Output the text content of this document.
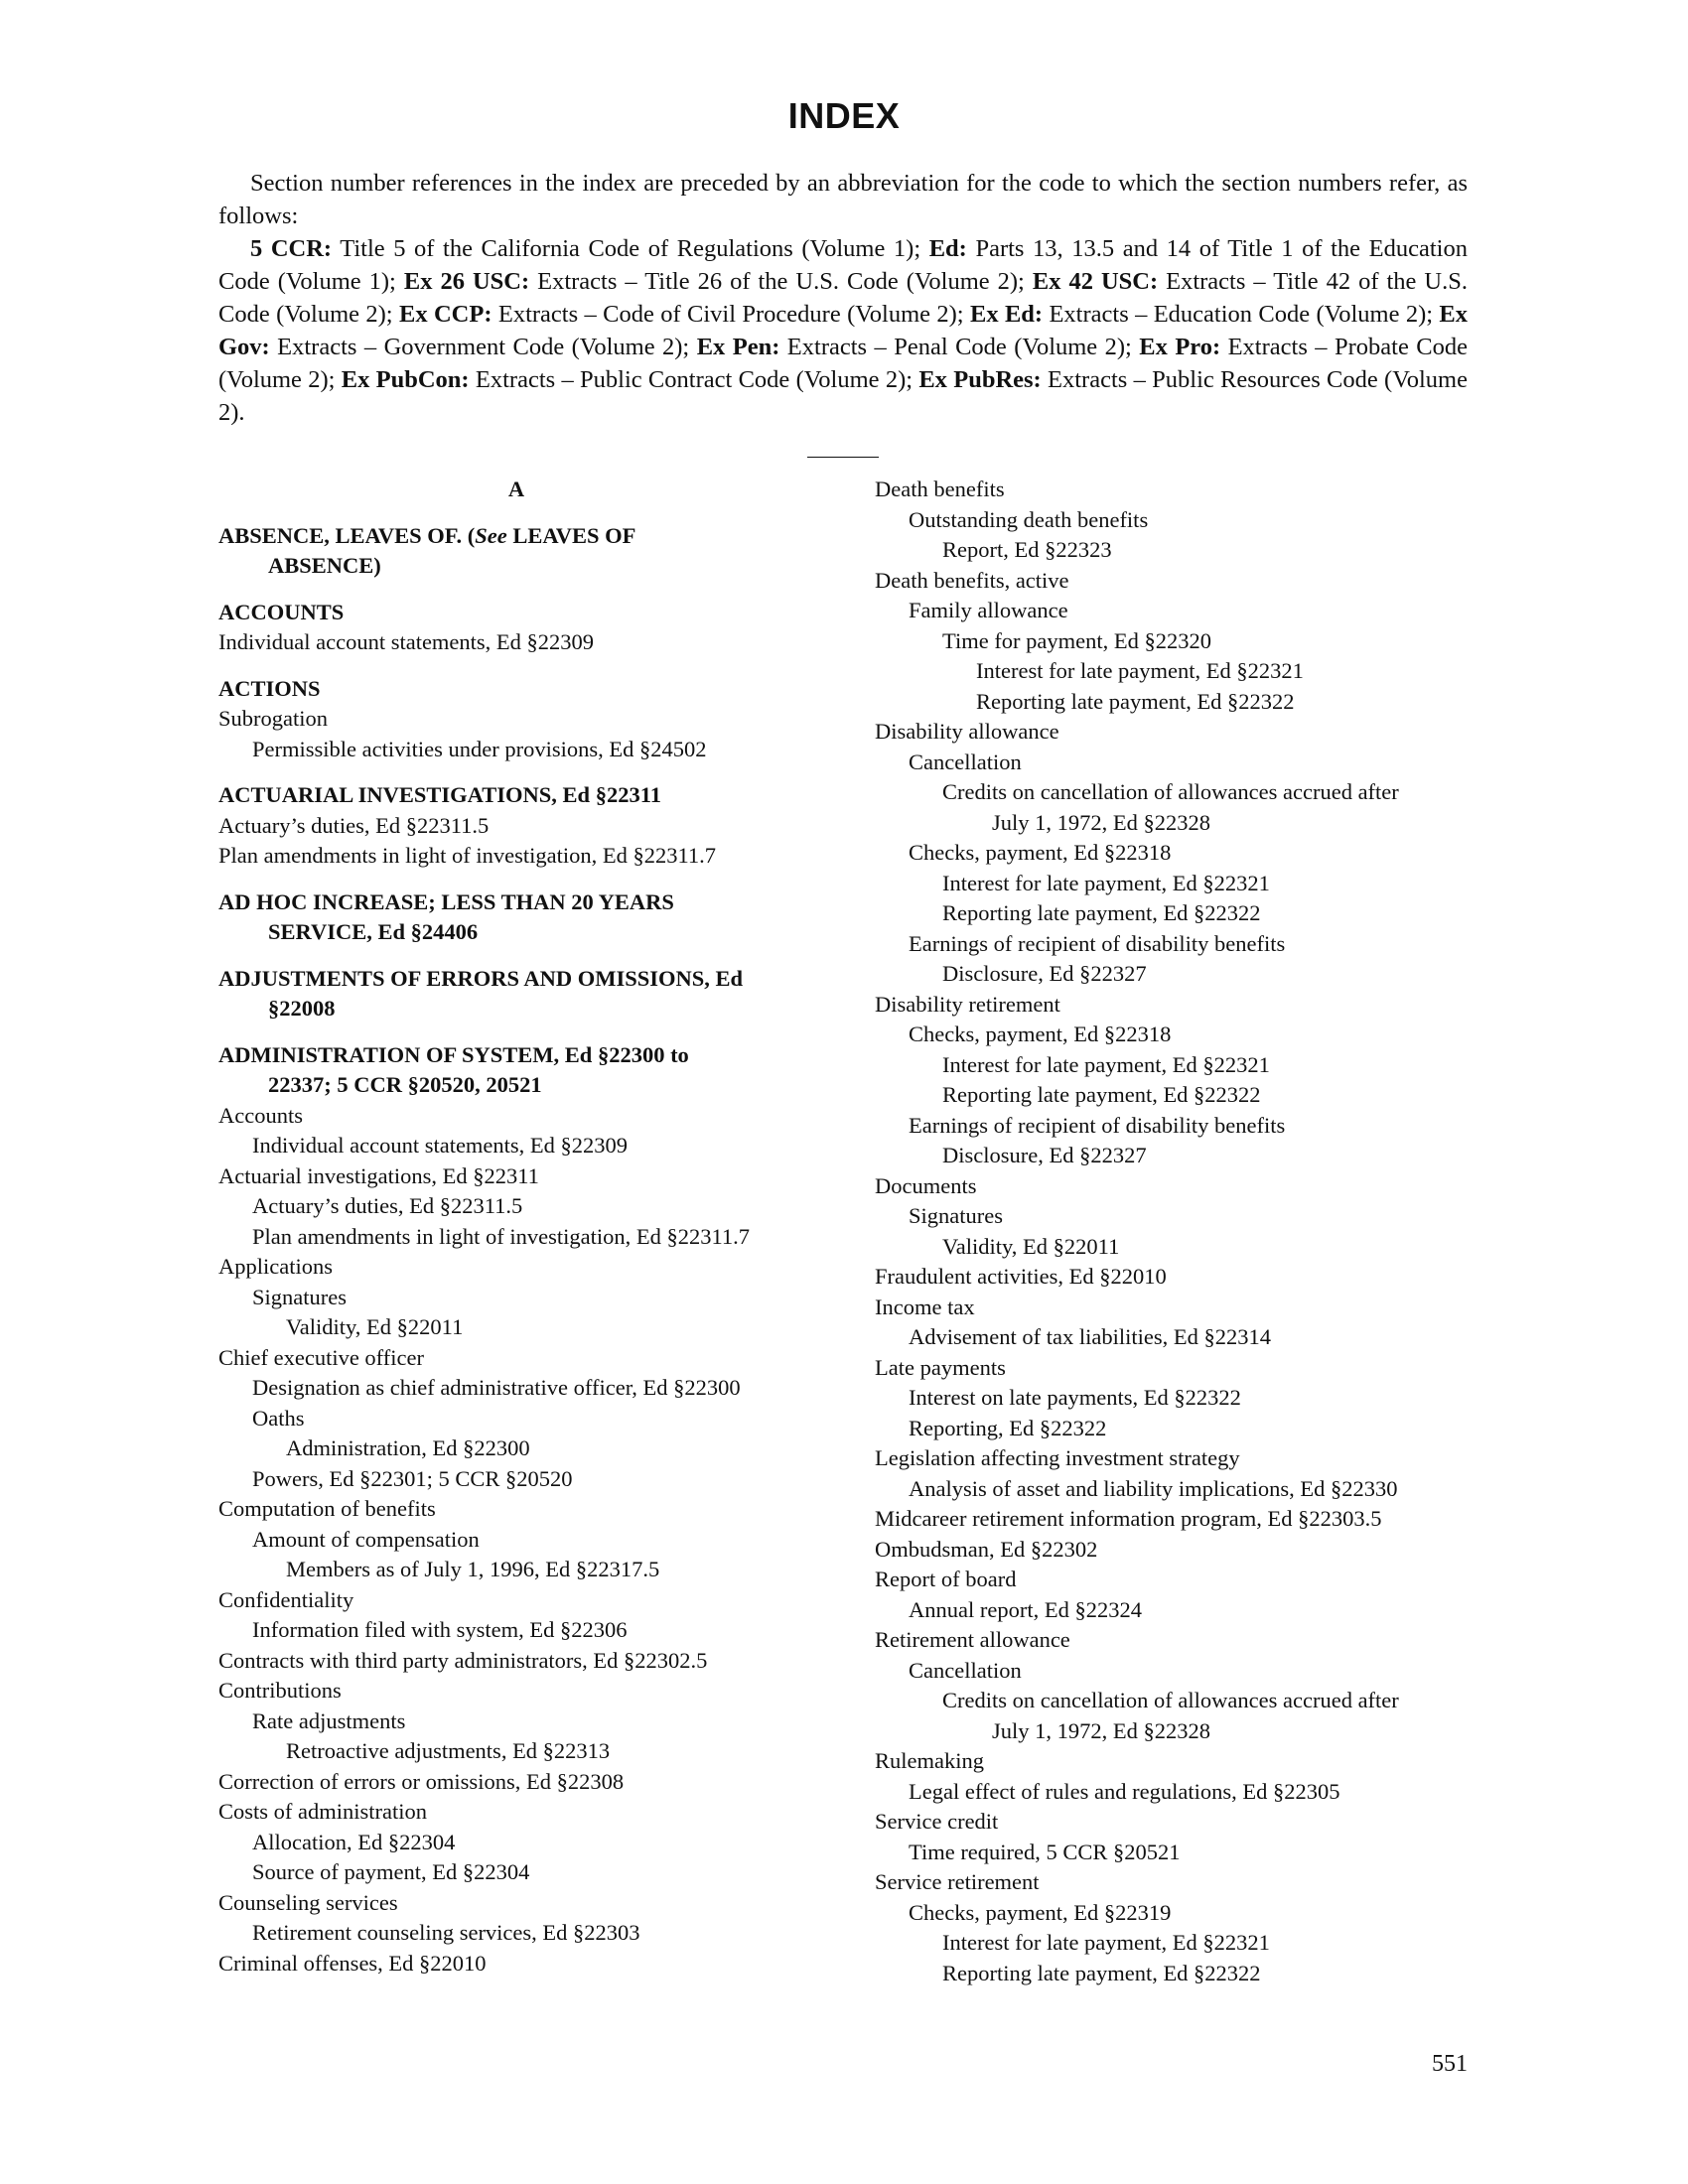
INDEX

Section number references in the index are preceded by an abbreviation for the code to which the section numbers refer, as follows:

5 CCR: Title 5 of the California Code of Regulations (Volume 1); Ed: Parts 13, 13.5 and 14 of Title 1 of the Education Code (Volume 1); Ex 26 USC: Extracts – Title 26 of the U.S. Code (Volume 2); Ex 42 USC: Extracts – Title 42 of the U.S. Code (Volume 2); Ex CCP: Extracts – Code of Civil Procedure (Volume 2); Ex Ed: Extracts – Education Code (Volume 2); Ex Gov: Extracts – Government Code (Volume 2); Ex Pen: Extracts – Penal Code (Volume 2); Ex Pro: Extracts – Probate Code (Volume 2); Ex PubCon: Extracts – Public Contract Code (Volume 2); Ex PubRes: Extracts – Public Resources Code (Volume 2).

A
ABSENCE, LEAVES OF. (See LEAVES OF
ABSENCE)
ACCOUNTS
Individual account statements, Ed §22309
ACTIONS
Subrogation
Permissible activities under provisions, Ed §24502
ACTUARIAL INVESTIGATIONS, Ed §22311
Actuary’s duties, Ed §22311.5
Plan amendments in light of investigation, Ed §22311.7
AD HOC INCREASE; LESS THAN 20 YEARS
SERVICE, Ed §24406
ADJUSTMENTS OF ERRORS AND OMISSIONS, Ed
§22008
ADMINISTRATION OF SYSTEM, Ed §22300 to
22337; 5 CCR §20520, 20521
Accounts
Individual account statements, Ed §22309
Actuarial investigations, Ed §22311
Actuary’s duties, Ed §22311.5
Plan amendments in light of investigation, Ed §22311.7
Applications
Signatures
Validity, Ed §22011
Chief executive officer
Designation as chief administrative officer, Ed §22300
Oaths
Administration, Ed §22300
Powers, Ed §22301; 5 CCR §20520
Computation of benefits
Amount of compensation
Members as of July 1, 1996, Ed §22317.5
Confidentiality
Information filed with system, Ed §22306
Contracts with third party administrators, Ed §22302.5
Contributions
Rate adjustments
Retroactive adjustments, Ed §22313
Correction of errors or omissions, Ed §22308
Costs of administration
Allocation, Ed §22304
Source of payment, Ed §22304
Counseling services
Retirement counseling services, Ed §22303
Criminal offenses, Ed §22010
Death benefits
Outstanding death benefits
Report, Ed §22323
Death benefits, active
Family allowance
Time for payment, Ed §22320
Interest for late payment, Ed §22321
Reporting late payment, Ed §22322
Disability allowance
Cancellation
Credits on cancellation of allowances accrued after
July 1, 1972, Ed §22328
Checks, payment, Ed §22318
Interest for late payment, Ed §22321
Reporting late payment, Ed §22322
Earnings of recipient of disability benefits
Disclosure, Ed §22327
Disability retirement
Checks, payment, Ed §22318
Interest for late payment, Ed §22321
Reporting late payment, Ed §22322
Earnings of recipient of disability benefits
Disclosure, Ed §22327
Documents
Signatures
Validity, Ed §22011
Fraudulent activities, Ed §22010
Income tax
Advisement of tax liabilities, Ed §22314
Late payments
Interest on late payments, Ed §22322
Reporting, Ed §22322
Legislation affecting investment strategy
Analysis of asset and liability implications, Ed §22330
Midcareer retirement information program, Ed §22303.5
Ombudsman, Ed §22302
Report of board
Annual report, Ed §22324
Retirement allowance
Cancellation
Credits on cancellation of allowances accrued after
July 1, 1972, Ed §22328
Rulemaking
Legal effect of rules and regulations, Ed §22305
Service credit
Time required, 5 CCR §20521
Service retirement
Checks, payment, Ed §22319
Interest for late payment, Ed §22321
Reporting late payment, Ed §22322
551
